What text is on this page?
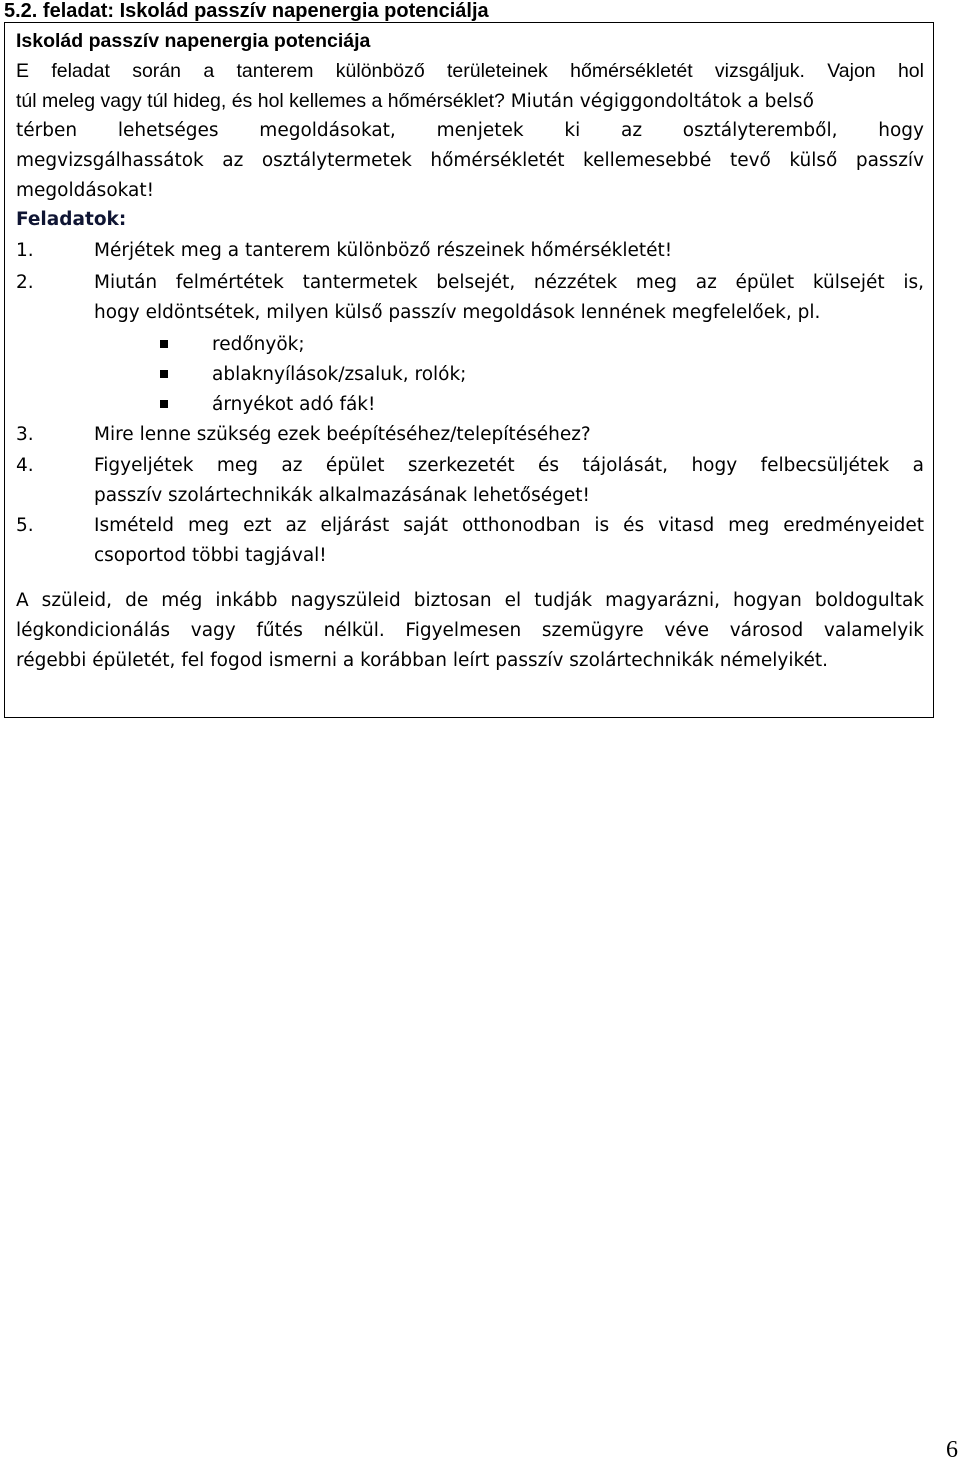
5.2. feladat: Iskolád passzív napenergia potenciálja
Iskolád passzív napenergia potenciája
E feladat során a tanterem különböző területeinek hőmérsékletét vizsgáljuk. Vajon hol
túl meleg vagy túl hideg, és hol kellemes a hőmérséklet? Miután végiggondoltátok a belső
térben lehetséges megoldásokat, menjetek ki az osztályteremből, hogy
megvizsgálhassátok az osztálytermetek hőmérsékletét kellemesebbé tevő külső passzív
megoldásokat!
Feladatok:
1.	Mérjétek meg a tanterem különböző részeinek hőmérsékletét!
2.	Miután felmértétek tantermetek belsejét, nézzétek meg az épület külsejét is,
hogy eldöntsétek, milyen külső passzív megoldások lennének megfelelőek, pl.
redőnyök;
ablaknyílások/zsaluk, rolók;
árnyékot adó fák!
3.	Mire lenne szükség ezek beépítéséhez/telepítéséhez?
4.	Figyeljétek meg az épület szerkezetét és tájolását, hogy felbecsüljétek a
passzív szolártechnikák alkalmazásának lehetőséget!
5.	Ismételd meg ezt az eljárást saját otthonodban is és vitasd meg eredményeidet
csoportod többi tagjával!
A szüleid, de még inkább nagyszüleid biztosan el tudják magyarázni, hogyan boldogultak
légkondicionálás vagy fűtés nélkül. Figyelmesen szemügyre véve városod valamelyik
régebbi épületét, fel fogod ismerni a korábban leírt passzív szolártechnikák némelyikét.
6
